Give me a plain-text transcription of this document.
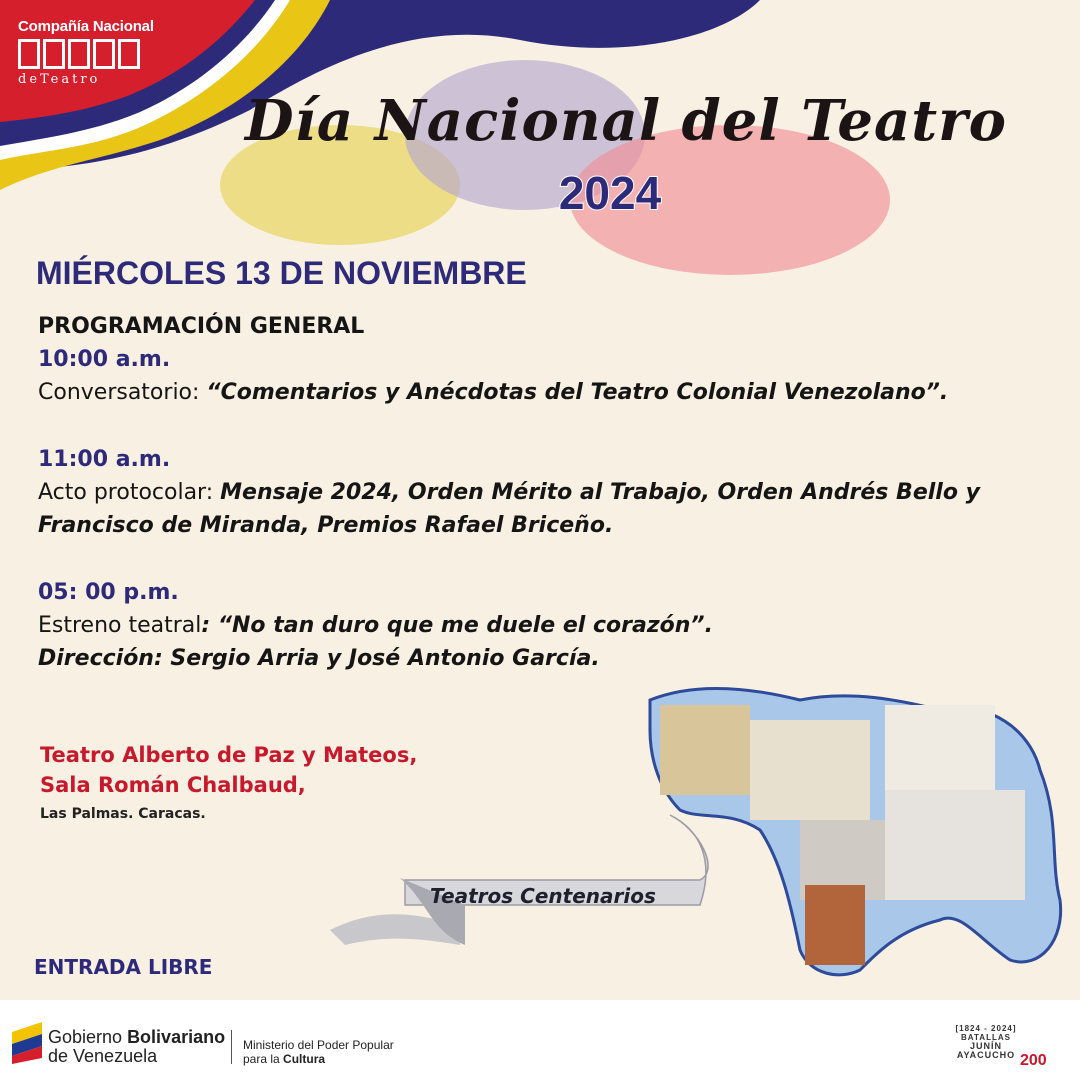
Compañía Nacional
deTeatro
Día Nacional del Teatro
2024
MIÉRCOLES 13 DE NOVIEMBRE
PROGRAMACIÓN GENERAL
10:00 a.m.
Conversatorio: “Comentarios y Anécdotas del Teatro Colonial Venezolano”.
11:00 a.m.
Acto protocolar: Mensaje 2024, Orden Mérito al Trabajo, Orden Andrés Bello y Francisco de Miranda, Premios Rafael Briceño.
05: 00 p.m.
Estreno teatral: “No tan duro que me duele el corazón”.
Dirección: Sergio Arria y José Antonio García.
Teatro Alberto de Paz y Mateos,
Sala Román Chalbaud,
Las Palmas. Caracas.
Teatros Centenarios
ENTRADA LIBRE
Gobierno Bolivariano
de Venezuela
Ministerio del Poder Popular
para la Cultura
[1824 - 2024]
BATALLAS
JUNÍN
AYACUCHO 200
